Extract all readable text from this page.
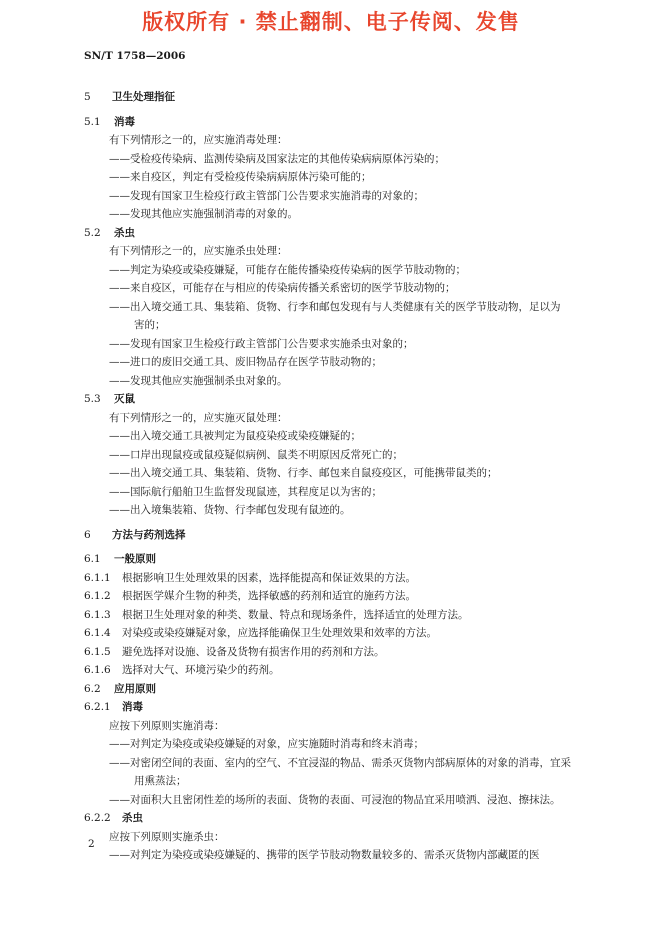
版权所有 · 禁止翻制、电子传阅、发售
SN/T 1758—2006
5 卫生处理指征
5.1 消毒
有下列情形之一的，应实施消毒处理：
——受检疫传染病、监测传染病及国家法定的其他传染病病原体污染的；
——来自疫区，判定有受检疫传染病病原体污染可能的；
——发现有国家卫生检疫行政主管部门公告要求实施消毒的对象的；
——发现其他应实施强制消毒的对象的。
5.2 杀虫
有下列情形之一的，应实施杀虫处理：
——判定为染疫或染疫嫌疑，可能存在能传播染疫传染病的医学节肢动物的；
——来自疫区，可能存在与相应的传染病传播关系密切的医学节肢动物的；
——出入境交通工具、集装箱、货物、行李和邮包发现有与人类健康有关的医学节肢动物，足以为
害的；
——发现有国家卫生检疫行政主管部门公告要求实施杀虫对象的；
——进口的废旧交通工具、废旧物品存在医学节肢动物的；
——发现其他应实施强制杀虫对象的。
5.3 灭鼠
有下列情形之一的，应实施灭鼠处理：
——出入境交通工具被判定为鼠疫染疫或染疫嫌疑的；
——口岸出现鼠疫或鼠疫疑似病例、鼠类不明原因反常死亡的；
——出入境交通工具、集装箱、货物、行李、邮包来自鼠疫疫区，可能携带鼠类的；
——国际航行船舶卫生监督发现鼠迹，其程度足以为害的；
——出入境集装箱、货物、行李邮包发现有鼠迹的。
6 方法与药剂选择
6.1 一般原则
6.1.1 根据影响卫生处理效果的因素，选择能提高和保证效果的方法。
6.1.2 根据医学媒介生物的种类，选择敏感的药剂和适宜的施药方法。
6.1.3 根据卫生处理对象的种类、数量、特点和现场条件，选择适宜的处理方法。
6.1.4 对染疫或染疫嫌疑对象，应选择能确保卫生处理效果和效率的方法。
6.1.5 避免选择对设施、设备及货物有损害作用的药剂和方法。
6.1.6 选择对大气、环境污染少的药剂。
6.2 应用原则
6.2.1 消毒
应按下列原则实施消毒：
——对判定为染疫或染疫嫌疑的对象，应实施随时消毒和终末消毒；
——对密闭空间的表面、室内的空气、不宜浸湿的物品、需杀灭货物内部病原体的对象的消毒，宜采
用熏蒸法；
——对面积大且密闭性差的场所的表面、货物的表面、可浸泡的物品宜采用喷洒、浸泡、擦抹法。
6.2.2 杀虫
应按下列原则实施杀虫：
——对判定为染疫或染疫嫌疑的、携带的医学节肢动物数量较多的、需杀灭货物内部藏匿的医
2
